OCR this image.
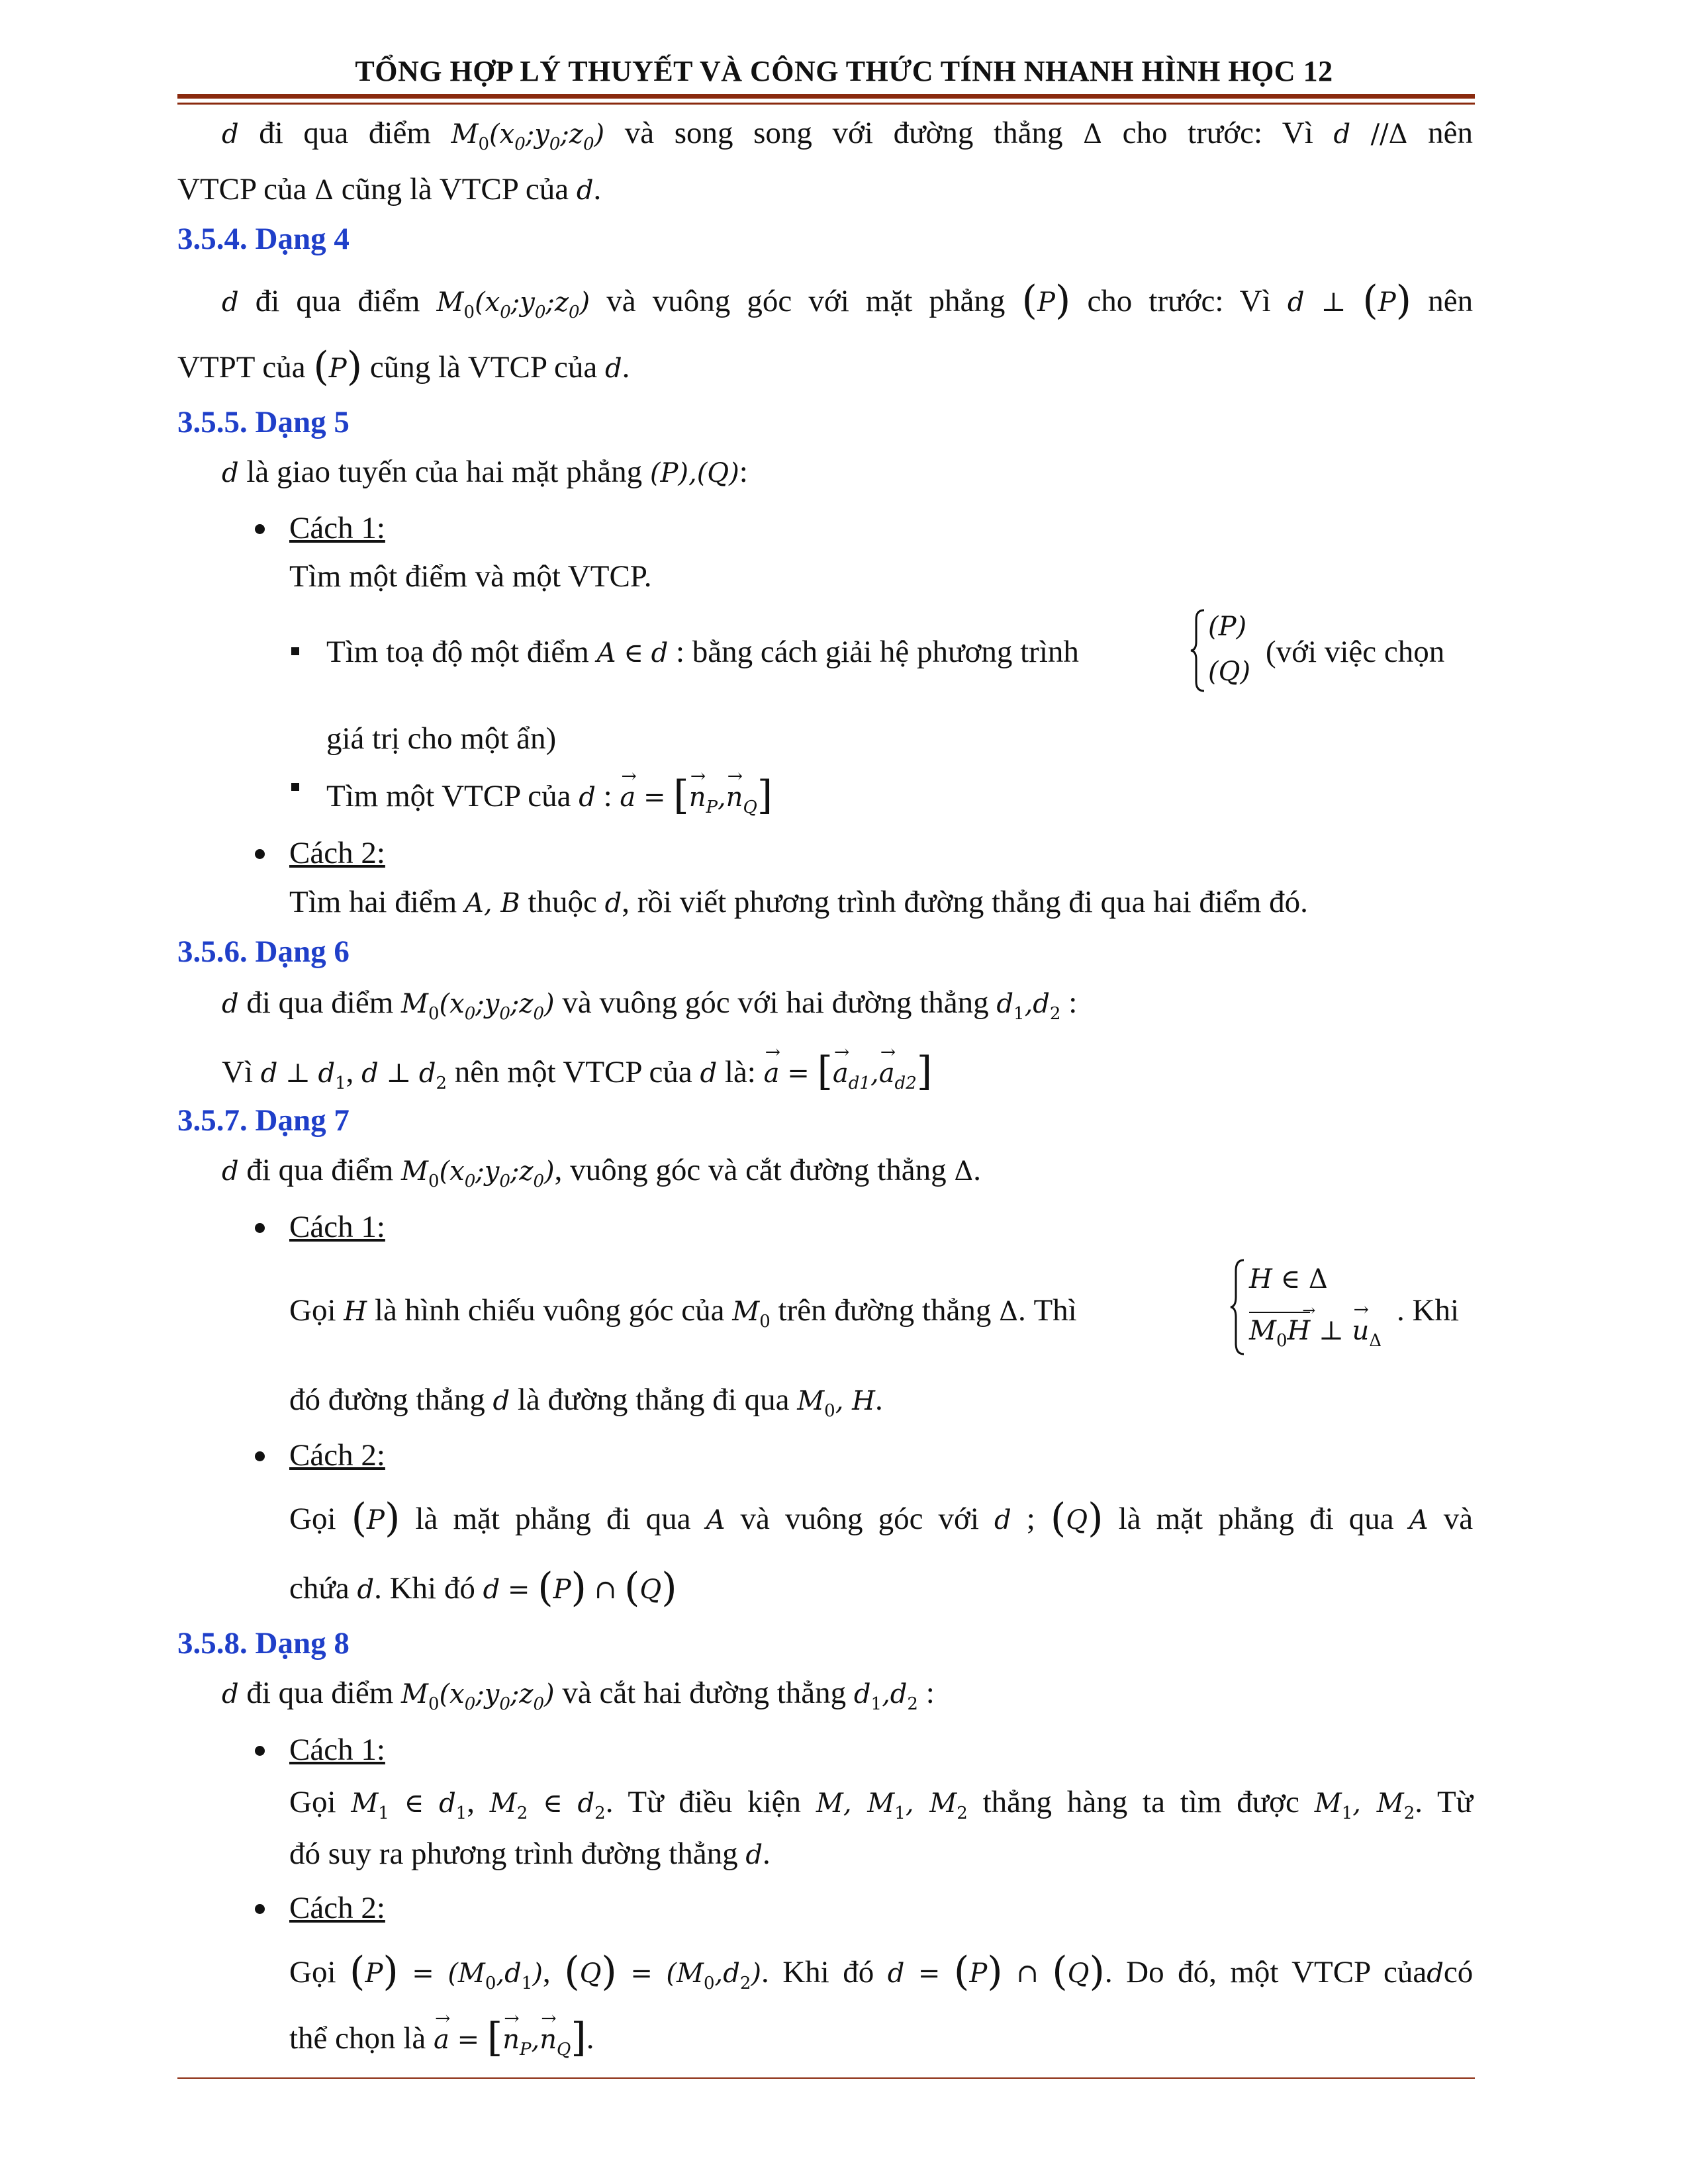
TỔNG HỢP LÝ THUYẾT VÀ CÔNG THỨC TÍNH NHANH HÌNH HỌC 12
d đi qua điểm $M_0(x_0;y_0;z_0)$ và song song với đường thẳng Δ cho trước: Vì d //Δ nên
VTCP của Δ cũng là VTCP của d.
3.5.4. Dạng 4
d đi qua điểm $M_0(x_0;y_0;z_0)$ và vuông góc với mặt phẳng (P) cho trước: Vì d ⊥ (P) nên
VTPT của (P) cũng là VTCP của d.
3.5.5. Dạng 5
d là giao tuyến của hai mặt phẳng (P),(Q):
Cách 1:
Tìm một điểm và một VTCP.
Tìm toạ độ một điểm A ∈ d : bằng cách giải hệ phương trình
(P)
(Q)
(với việc chọn
giá trị cho một ẩn)
Tìm một VTCP của d : → a = [→ $n_P,\to n_Q$]
Cách 2:
Tìm hai điểm A, B thuộc d, rồi viết phương trình đường thẳng đi qua hai điểm đó.
3.5.6. Dạng 6
d đi qua điểm $M_0(x_0;y_0;z_0)$ và vuông góc với hai đường thẳng $d_1,d_2$ :
Vì d ⊥ $d_1$, d ⊥ $d_2$ nên một VTCP của d là: → a = [→ $a_{d1},\to a_{d2}$]
3.5.7. Dạng 7
d đi qua điểm $M_0(x_0;y_0;z_0)$, vuông góc và cắt đường thẳng Δ.
Cách 1:
Gọi H là hình chiếu vuông góc của $M_0$ trên đường thẳng Δ. Thì
H ∈ Δ
$M_0H$ → ⊥ → $u_\Delta$
. Khi
đó đường thẳng d là đường thẳng đi qua $M_0$, H.
Cách 2:
Gọi (P) là mặt phẳng đi qua A và vuông góc với d ; (Q) là mặt phẳng đi qua A và
chứa d. Khi đó d = (P) ∩ (Q)
3.5.8. Dạng 8
d đi qua điểm $M_0(x_0;y_0;z_0)$ và cắt hai đường thẳng $d_1,d_2$ :
Cách 1:
Gọi $M_1$ ∈ $d_1$, $M_2$ ∈ $d_2$. Từ điều kiện M, $M_1$, $M_2$ thẳng hàng ta tìm được $M_1$, $M_2$. Từ
đó suy ra phương trình đường thẳng d.
Cách 2:
Gọi $(P) = (M_0,d_1)$, $(Q) = (M_0,d_2)$. Khi đó d = (P) ∩ (Q). Do đó, một VTCP củadcó
thể chọn là → a = [→ $n_P,\to n_Q$].
